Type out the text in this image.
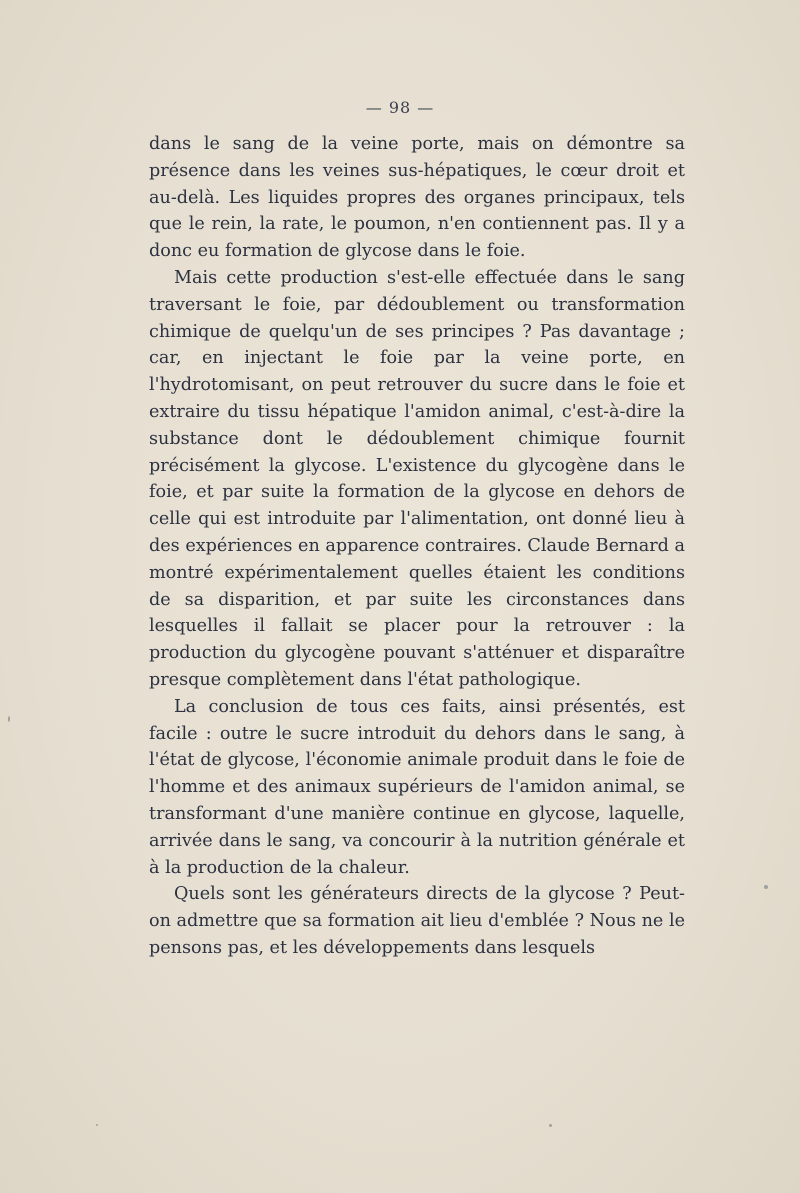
— 98 —

dans le sang de la veine porte, mais on démontre sa présence dans les veines sus-hépatiques, le cœur droit et au-delà. Les liquides propres des organes principaux, tels que le rein, la rate, le poumon, n'en contiennent pas. Il y a donc eu formation de glycose dans le foie.

Mais cette production s'est-elle effectuée dans le sang traversant le foie, par dédoublement ou transformation chimique de quelqu'un de ses principes ? Pas davantage ; car, en injectant le foie par la veine porte, en l'hydrotomisant, on peut retrouver du sucre dans le foie et extraire du tissu hépatique l'amidon animal, c'est-à-dire la substance dont le dédoublement chimique fournit précisément la glycose. L'existence du glycogène dans le foie, et par suite la formation de la glycose en dehors de celle qui est introduite par l'alimentation, ont donné lieu à des expériences en apparence contraires. Claude Bernard a montré expérimentalement quelles étaient les conditions de sa disparition, et par suite les circonstances dans lesquelles il fallait se placer pour la retrouver : la production du glycogène pouvant s'atténuer et disparaître presque complètement dans l'état pathologique.

La conclusion de tous ces faits, ainsi présentés, est facile : outre le sucre introduit du dehors dans le sang, à l'état de glycose, l'économie animale produit dans le foie de l'homme et des animaux supérieurs de l'amidon animal, se transformant d'une manière continue en glycose, laquelle, arrivée dans le sang, va concourir à la nutrition générale et à la production de la chaleur.

Quels sont les générateurs directs de la glycose ? Peut-on admettre que sa formation ait lieu d'emblée ? Nous ne le pensons pas, et les développements dans lesquels
